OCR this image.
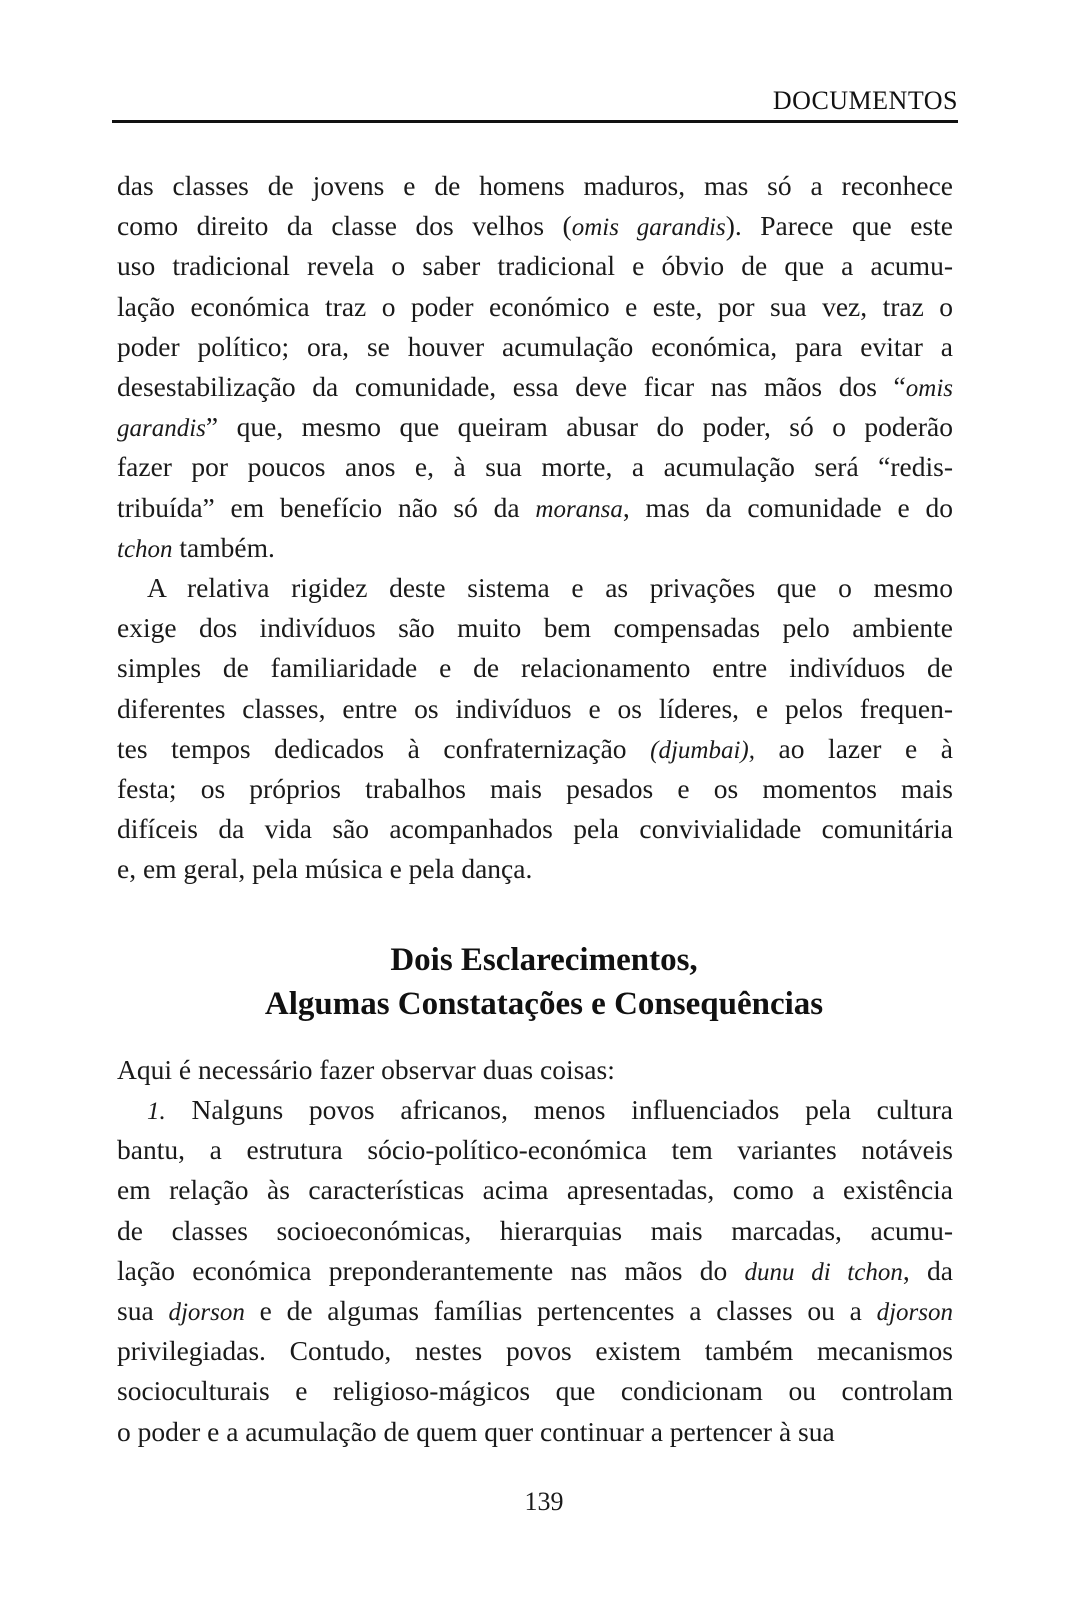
DOCUMENTOS
das classes de jovens e de homens maduros, mas só a reconhece
como direito da classe dos velhos (omis garandis). Parece que este
uso tradicional revela o saber tradicional e óbvio de que a acumu-
lação económica traz o poder económico e este, por sua vez, traz o
poder político; ora, se houver acumulação económica, para evitar a
desestabilização da comunidade, essa deve ficar nas mãos dos “omis
garandis” que, mesmo que queiram abusar do poder, só o poderão
fazer por poucos anos e, à sua morte, a acumulação será “redis-
tribuída” em benefício não só da moransa, mas da comunidade e do
tchon também.
A relativa rigidez deste sistema e as privações que o mesmo
exige dos indivíduos são muito bem compensadas pelo ambiente
simples de familiaridade e de relacionamento entre indivíduos de
diferentes classes, entre os indivíduos e os líderes, e pelos frequen-
tes tempos dedicados à confraternização (djumbai), ao lazer e à
festa; os próprios trabalhos mais pesados e os momentos mais
difíceis da vida são acompanhados pela convivialidade comunitária
e, em geral, pela música e pela dança.
Aqui é necessário fazer observar duas coisas:
1. Nalguns povos africanos, menos influenciados pela cultura
bantu, a estrutura sócio-político-económica tem variantes notáveis
em relação às características acima apresentadas, como a existência
de classes socioeconómicas, hierarquias mais marcadas, acumu-
lação económica preponderantemente nas mãos do dunu di tchon, da
sua djorson e de algumas famílias pertencentes a classes ou a djorson
privilegiadas. Contudo, nestes povos existem também mecanismos
socioculturais e religioso-mágicos que condicionam ou controlam
o poder e a acumulação de quem quer continuar a pertencer à sua
Dois Esclarecimentos,
Algumas Constatações e Consequências
139
